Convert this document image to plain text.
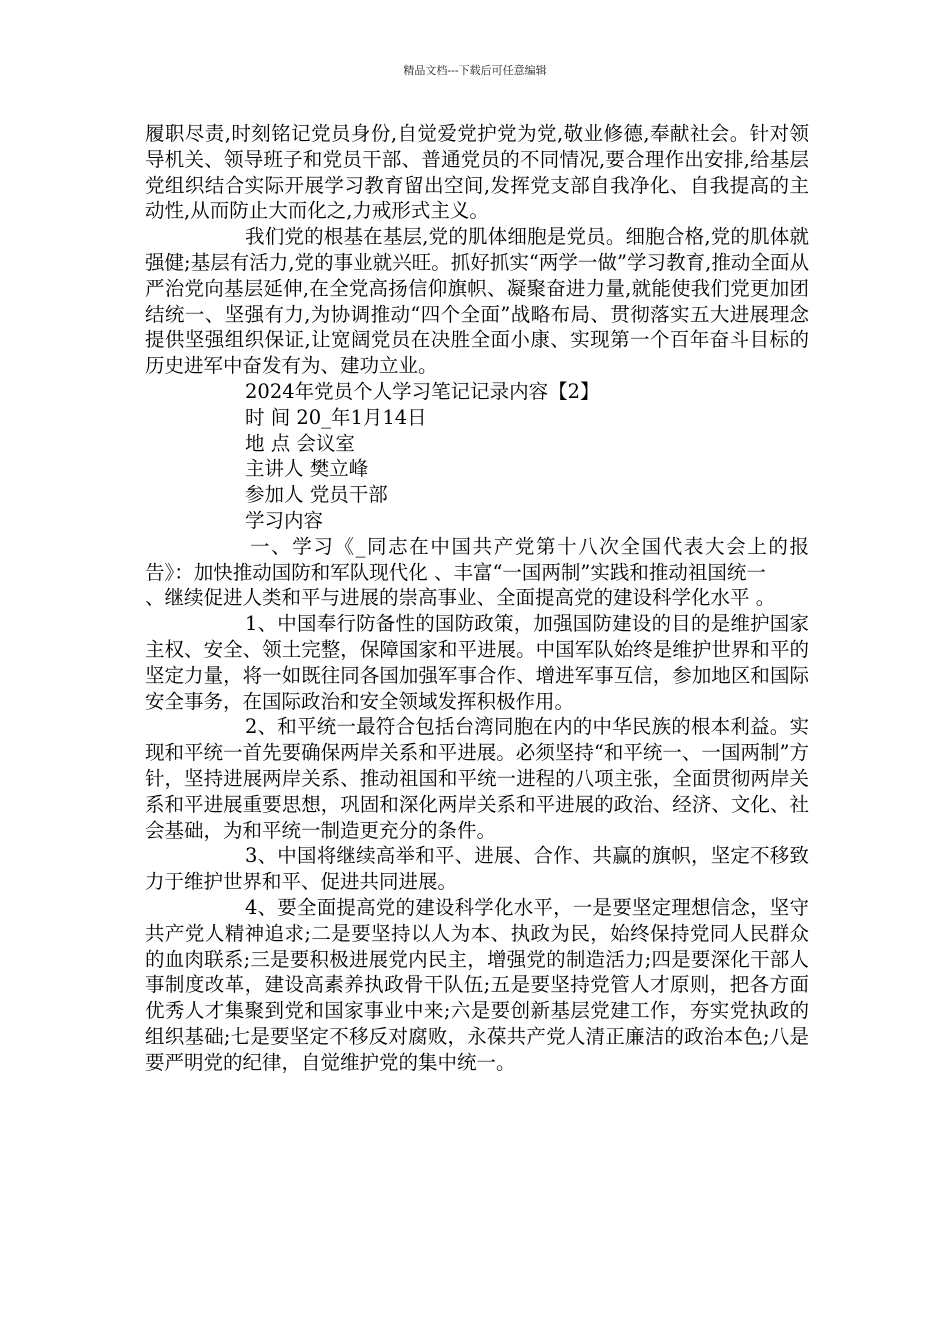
精品文档---下载后可任意编辑

履职尽责,时刻铭记党员身份,自觉爱党护党为党,敬业修德,奉献社会。针对领导机关、领导班子和党员干部、普通党员的不同情况,要合理作出安排,给基层党组织结合实际开展学习教育留出空间,发挥党支部自我净化、自我提高的主动性,从而防止大而化之,力戒形式主义。

我们党的根基在基层,党的肌体细胞是党员。细胞合格,党的肌体就强健;基层有活力,党的事业就兴旺。抓好抓实“两学一做”学习教育,推动全面从严治党向基层延伸,在全党高扬信仰旗帜、凝聚奋进力量,就能使我们党更加团结统一、坚强有力,为协调推动“四个全面”战略布局、贯彻落实五大进展理念提供坚强组织保证,让宽阔党员在决胜全面小康、实现第一个百年奋斗目标的历史进军中奋发有为、建功立业。

2024年党员个人学习笔记记录内容【2】
时 间 20_年1月14日
地 点 会议室
主讲人 樊立峰
参加人 党员干部
学习内容

一、学习《_同志在中国共产党第十八次全国代表大会上的报告》：加快推动国防和军队现代化 、丰富“一国两制”实践和推动祖国统一

、继续促进人类和平与进展的崇高事业、全面提高党的建设科学化水平 。

1、中国奉行防备性的国防政策，加强国防建设的目的是维护国家主权、安全、领土完整，保障国家和平进展。中国军队始终是维护世界和平的坚定力量，将一如既往同各国加强军事合作、增进军事互信，参加地区和国际安全事务，在国际政治和安全领域发挥积极作用。

2、和平统一最符合包括台湾同胞在内的中华民族的根本利益。实现和平统一首先要确保两岸关系和平进展。必须坚持“和平统一、一国两制”方针，坚持进展两岸关系、推动祖国和平统一进程的八项主张，全面贯彻两岸关系和平进展重要思想，巩固和深化两岸关系和平进展的政治、经济、文化、社会基础，为和平统一制造更充分的条件。

3、中国将继续高举和平、进展、合作、共赢的旗帜，坚定不移致力于维护世界和平、促进共同进展。

4、要全面提高党的建设科学化水平，一是要坚定理想信念，坚守共产党人精神追求;二是要坚持以人为本、执政为民，始终保持党同人民群众的血肉联系;三是要积极进展党内民主，增强党的制造活力;四是要深化干部人事制度改革，建设高素养执政骨干队伍;五是要坚持党管人才原则，把各方面优秀人才集聚到党和国家事业中来;六是要创新基层党建工作，夯实党执政的组织基础;七是要坚定不移反对腐败，永葆共产党人清正廉洁的政治本色;八是要严明党的纪律，自觉维护党的集中统一。
